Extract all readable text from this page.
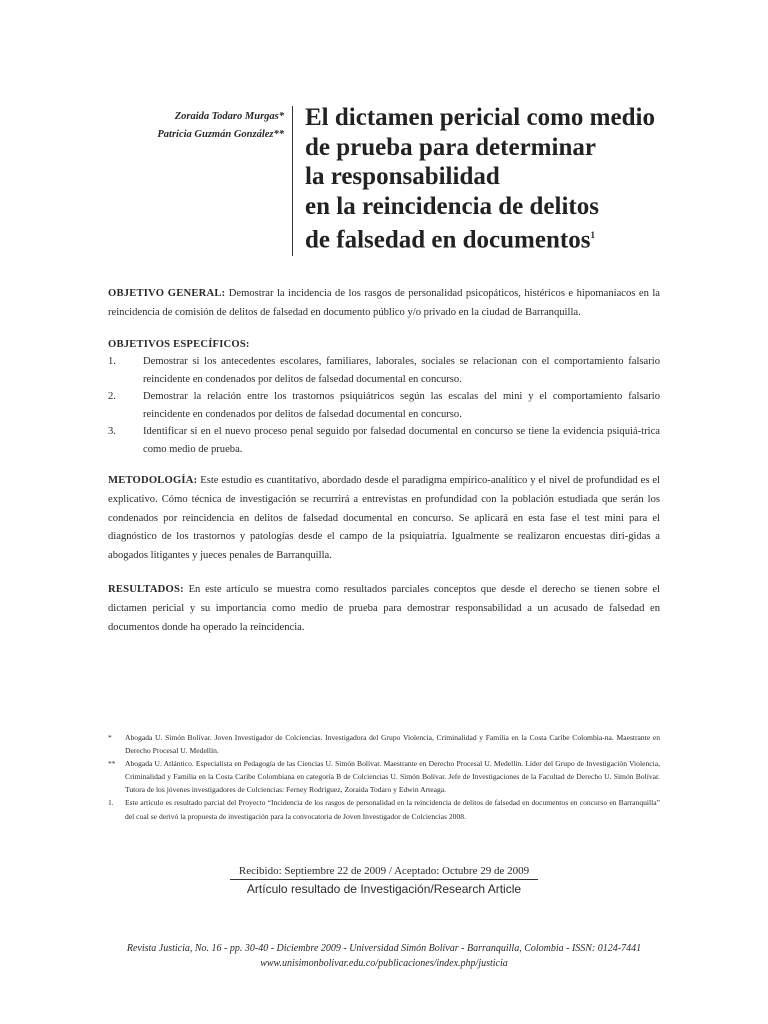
Zoraida Todaro Murgas*
Patricia Guzmán González**
El dictamen pericial como medio
de prueba para determinar
la responsabilidad
en la reincidencia de delitos
de falsedad en documentos$^1$
OBJETIVO GENERAL: Demostrar la incidencia de los rasgos de personalidad psicopáticos, histéricos e hipomaníacos en la reincidencia de comisión de delitos de falsedad en documento público y/o privado en la ciudad de Barranquilla.
OBJETIVOS ESPECÍFICOS:
1.	Demostrar si los antecedentes escolares, familiares, laborales, sociales se relacionan con el comportamiento falsario reincidente en condenados por delitos de falsedad documental en concurso.
2.	Demostrar la relación entre los trastornos psiquiátricos según las escalas del mini y el comportamiento falsario reincidente en condenados por delitos de falsedad documental en concurso.
3.	Identificar si en el nuevo proceso penal seguido por falsedad documental en concurso se tiene la evidencia psiquiá-trica como medio de prueba.
METODOLOGÍA: Este estudio es cuantitativo, abordado desde el paradigma empírico-analítico y el nivel de profundidad es el explicativo. Cómo técnica de investigación se recurrirá a entrevistas en profundidad con la población estudiada que serán los condenados por reincidencia en delitos de falsedad documental en concurso. Se aplicará en esta fase el test mini para el diagnóstico de los trastornos y patologías desde el campo de la psiquiatría. Igualmente se realizaron encuestas diri-gidas a abogados litigantes y jueces penales de Barranquilla.
RESULTADOS: En este artículo se muestra como resultados parciales conceptos que desde el derecho se tienen sobre el dictamen pericial y su importancia como medio de prueba para demostrar responsabilidad a un acusado de falsedad en documentos donde ha operado la reincidencia.
* Abogada U. Simón Bolívar. Joven Investigador de Colciencias. Investigadora del Grupo Violencia, Criminalidad y Familia en la Costa Caribe Colombia-na. Maestrante en Derecho Procesal U. Medellín.
** Abogada U. Atlántico. Especialista en Pedagogía de las Ciencias U. Simón Bolívar. Maestrante en Derecho Procesal U. Medellín. Líder del Grupo de Investigación Violencia, Criminalidad y Familia en la Costa Caribe Colombiana en categoría B de Colciencias U. Simón Bolívar. Jefe de Investigaciones de la Facultad de Derecho U. Simón Bolívar. Tutora de los jóvenes investigadores de Colciencias: Ferney Rodríguez, Zoraida Todaro y Edwin Arteaga.
1. Este artículo es resultado parcial del Proyecto “Incidencia de los rasgos de personalidad en la reincidencia de delitos de falsedad en documentos en concurso en Barranquilla” del cual se derivó la propuesta de investigación para la convocatoria de Joven Investigador de Colciencias 2008.
Recibido: Septiembre 22 de 2009 / Aceptado: Octubre 29 de 2009
Artículo resultado de Investigación/Research Article
Revista Justicia, No. 16 - pp. 30-40 - Diciembre 2009 - Universidad Simón Bolívar - Barranquilla, Colombia - ISSN: 0124-7441
www.unisimonbolivar.edu.co/publicaciones/index.php/justicia
